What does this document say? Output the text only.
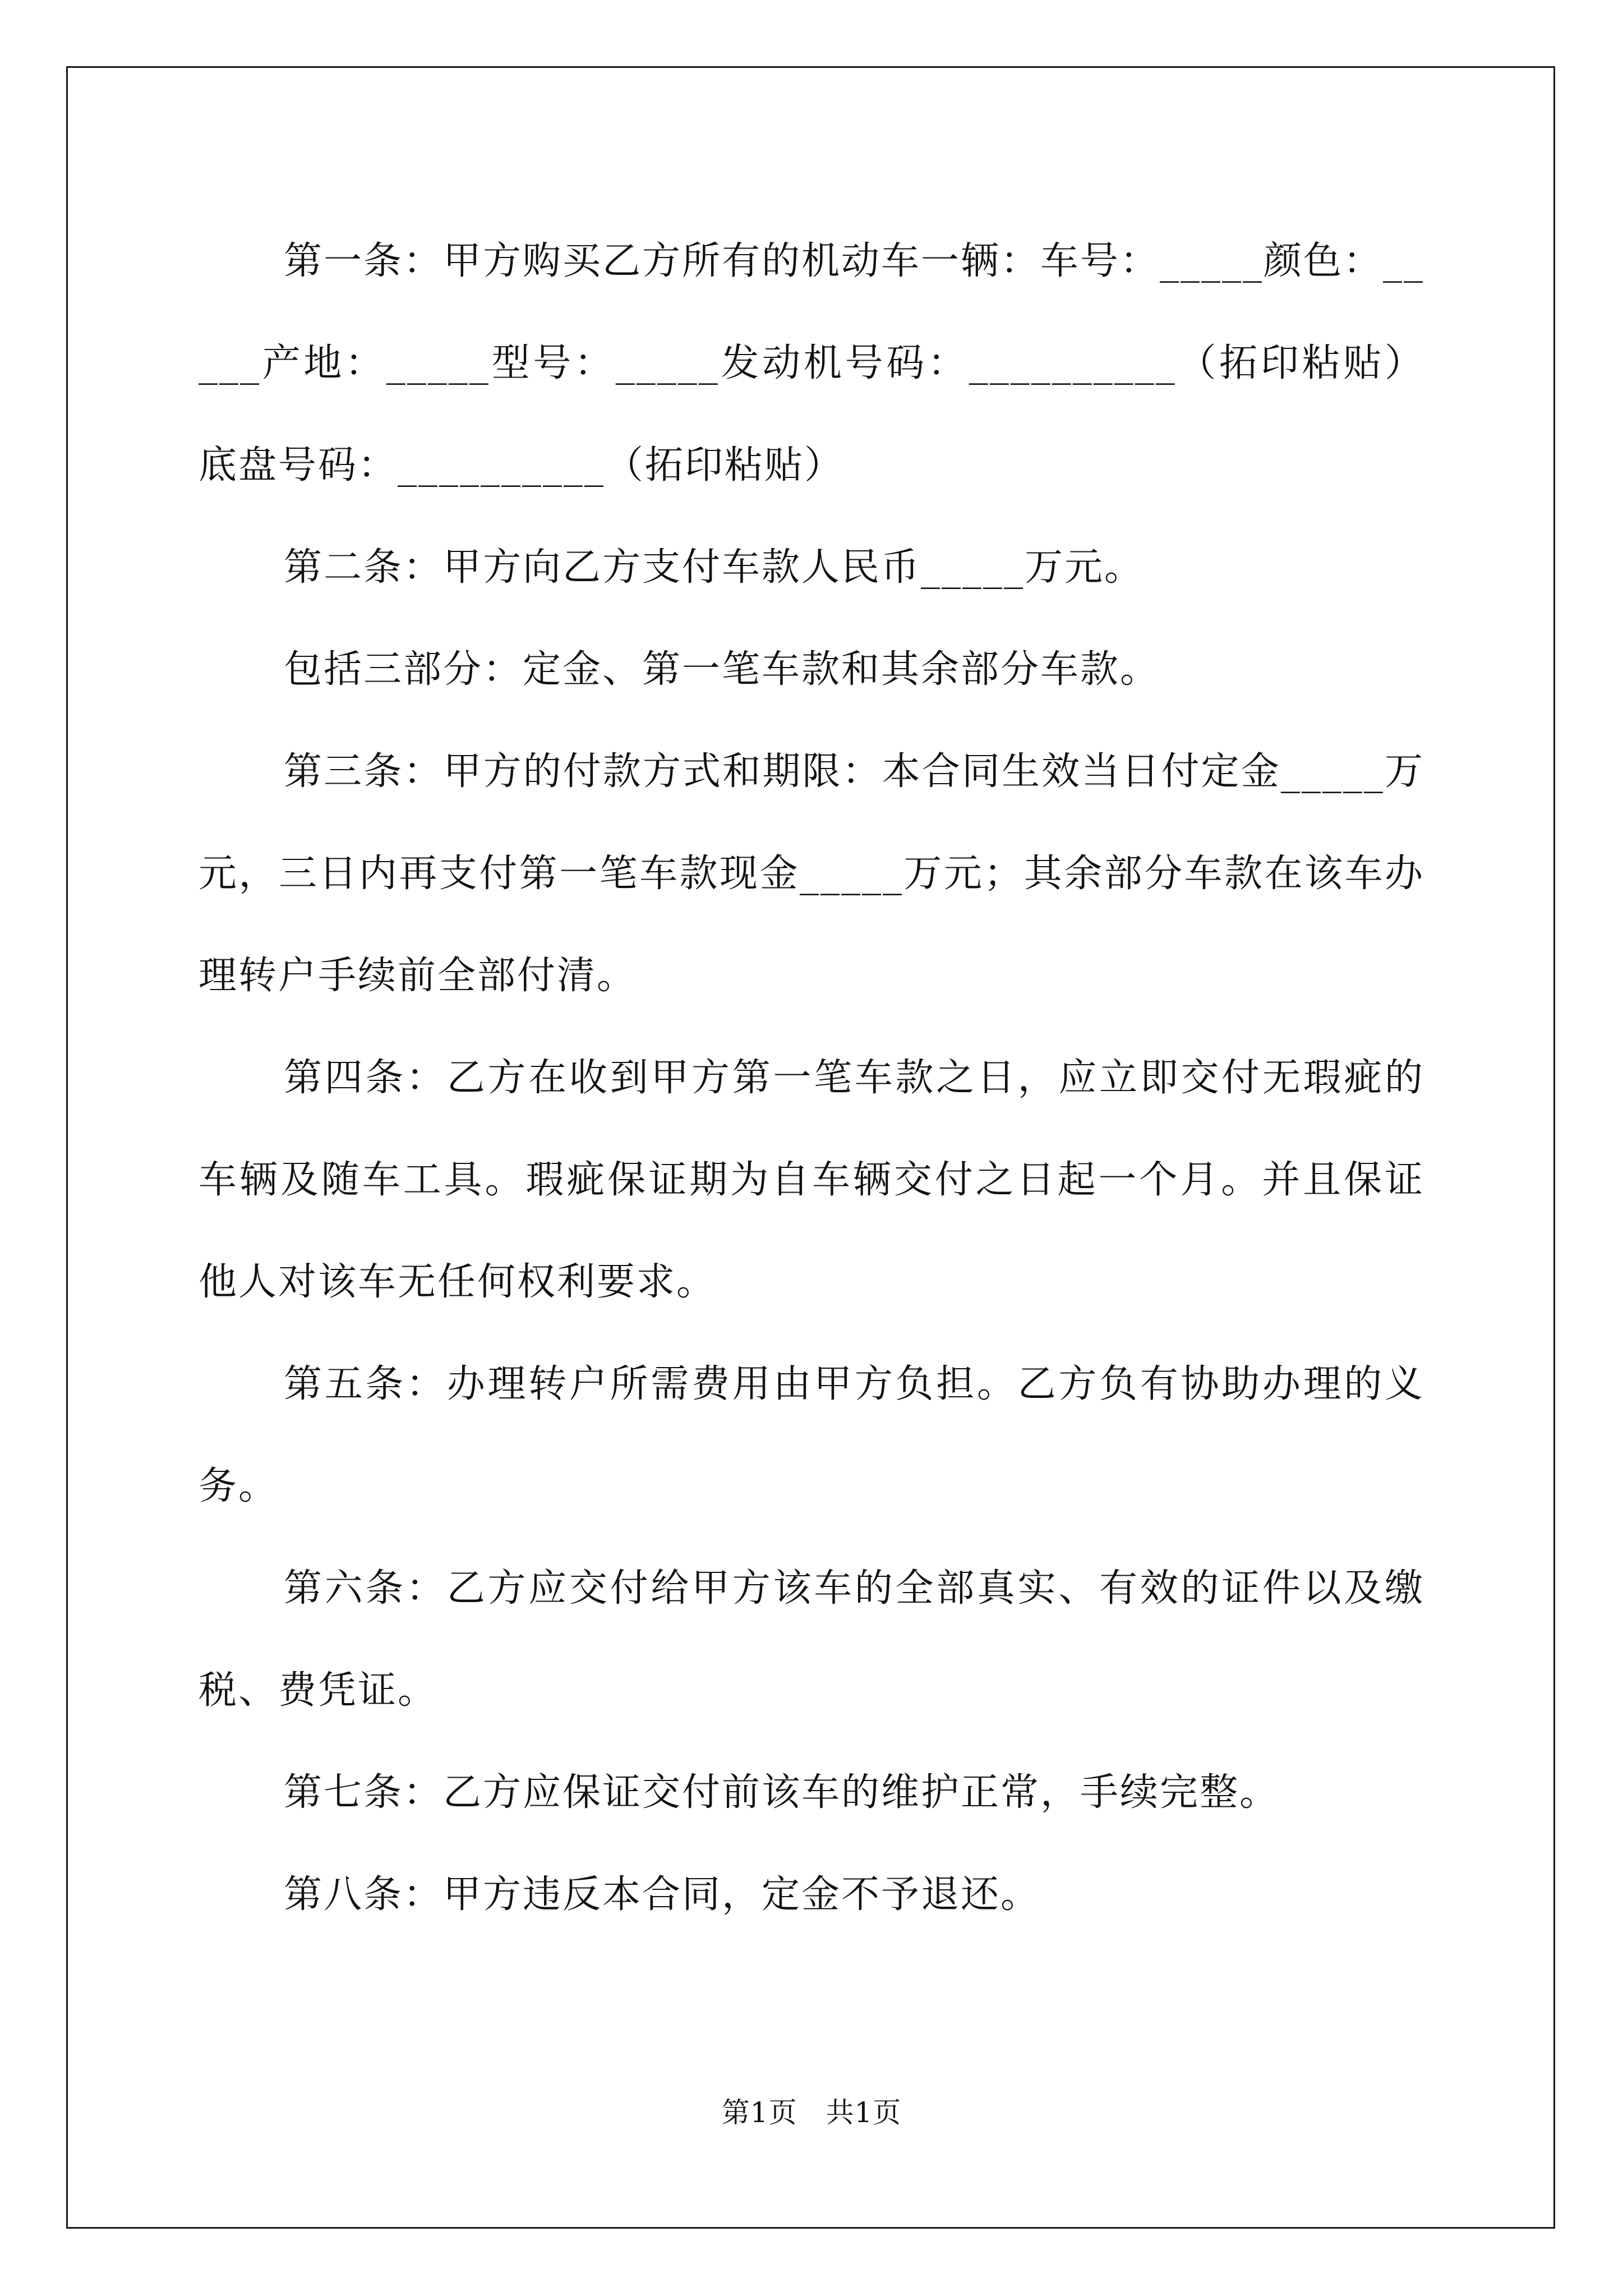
第一条：甲方购买乙方所有的机动车一辆：车号：_____颜色：_____产地：_____型号：_____发动机号码：__________（拓印粘贴）底盘号码：__________（拓印粘贴）

第二条：甲方向乙方支付车款人民币_____万元。

包括三部分：定金、第一笔车款和其余部分车款。

第三条：甲方的付款方式和期限：本合同生效当日付定金_____万元，三日内再支付第一笔车款现金_____万元；其余部分车款在该车办理转户手续前全部付清。

第四条：乙方在收到甲方第一笔车款之日，应立即交付无瑕疵的车辆及随车工具。瑕疵保证期为自车辆交付之日起一个月。并且保证他人对该车无任何权利要求。

第五条：办理转户所需费用由甲方负担。乙方负有协助办理的义务。

第六条：乙方应交付给甲方该车的全部真实、有效的证件以及缴税、费凭证。

第七条：乙方应保证交付前该车的维护正常，手续完整。

第八条：甲方违反本合同，定金不予退还。

第1页　共1页
